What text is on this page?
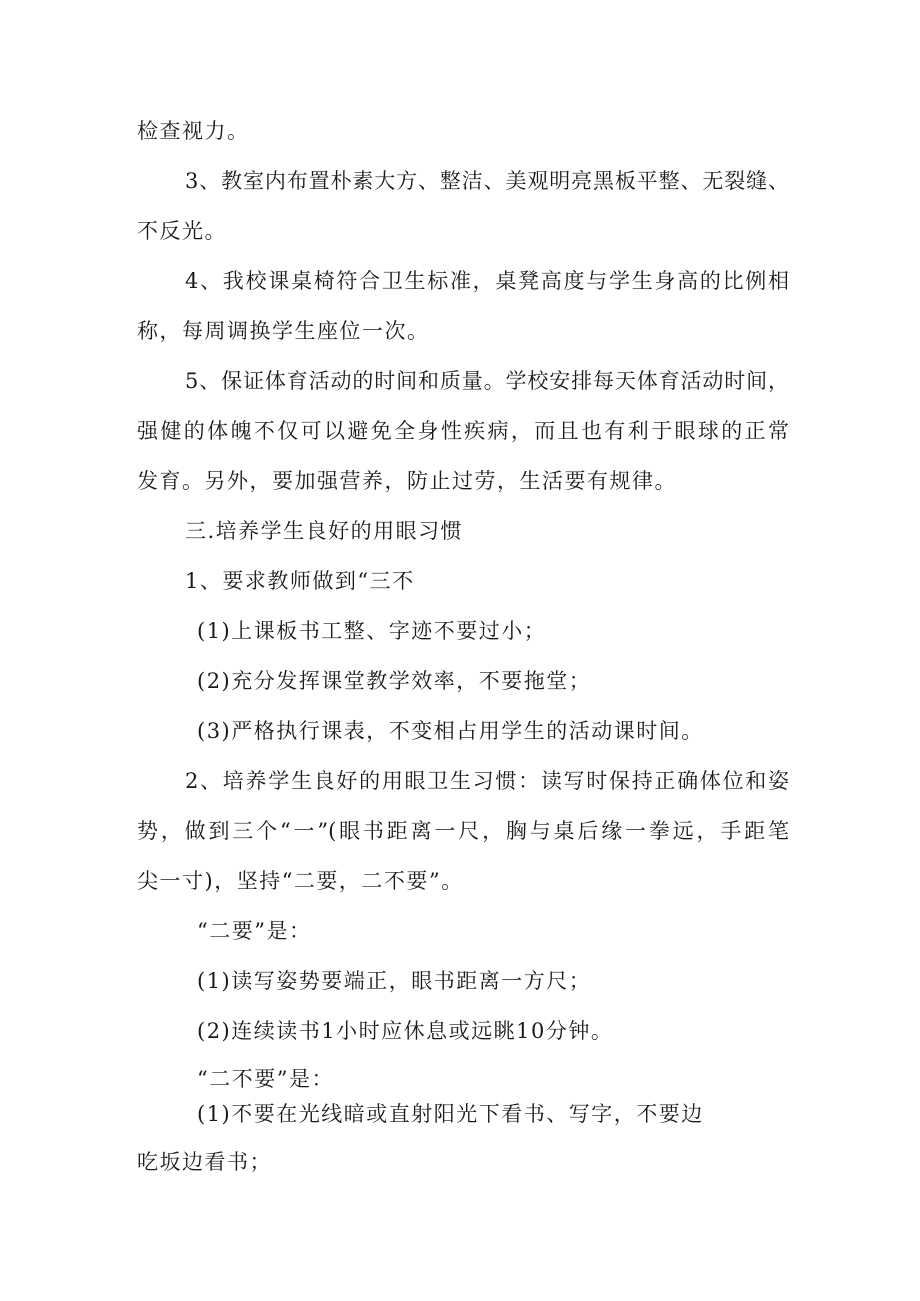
检查视力。
3、教室内布置朴素大方、整洁、美观明亮黑板平整、无裂缝、
不反光。
4、我校课桌椅符合卫生标准，桌凳高度与学生身高的比例相
称，每周调换学生座位一次。
5、保证体育活动的时间和质量。学校安排每天体育活动时间，
强健的体魄不仅可以避免全身性疾病，而且也有利于眼球的正常
发育。另外，要加强营养，防止过劳，生活要有规律。
三.培养学生良好的用眼习惯
1、要求教师做到“三不
(1)上课板书工整、字迹不要过小；
(2)充分发挥课堂教学效率，不要拖堂；
(3)严格执行课表，不变相占用学生的活动课时间。
2、培养学生良好的用眼卫生习惯：读写时保持正确体位和姿
势，做到三个“一”(眼书距离一尺，胸与桌后缘一拳远，手距笔
尖一寸)，坚持“二要，二不要”。
“二要”是：
(1)读写姿势要端正，眼书距离一方尺；
(2)连续读书1小时应休息或远眺10分钟。
“二不要”是：
(1)不要在光线暗或直射阳光下看书、写字，不要边
吃坂边看书；
